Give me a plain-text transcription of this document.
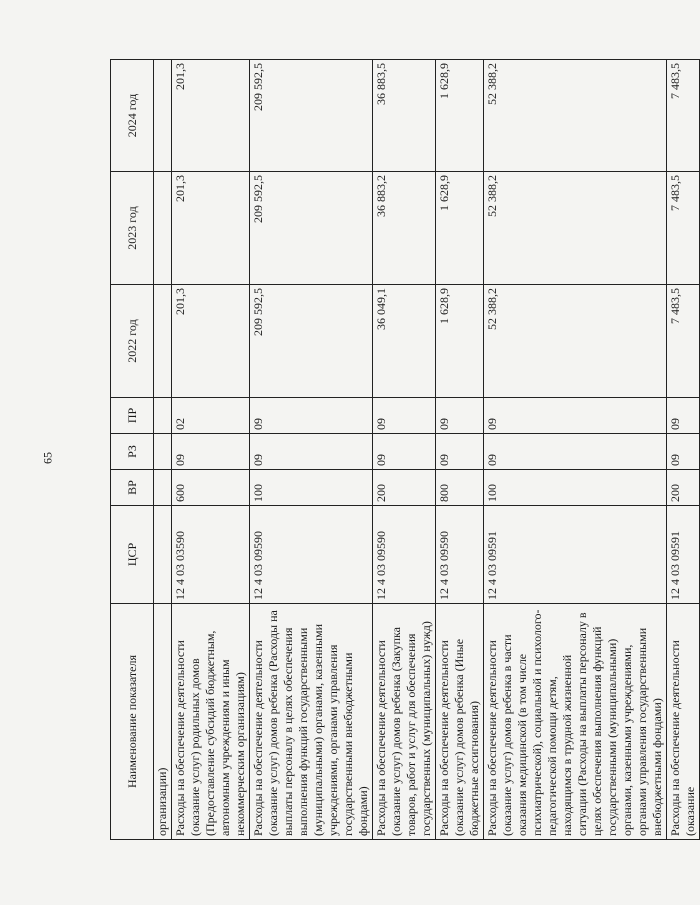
65
Наименование показателя	ЦСР	ВР	РЗ	ПР	2022 год	2023 год	2024 год
организации)							
Расходы на обеспечение деятельности (оказание услуг) родильных домов (Предоставление субсидий бюджетным, автономным учреждениям и иным некоммерческим организациям)	12 4 03 03590	600	09	02	201,3	201,3	201,3
Расходы на обеспечение деятельности (оказание услуг) домов ребенка (Расходы на выплаты персоналу в целях обеспечения выполнения функций государственными (муниципальными) органами, казенными учреждениями, органами управления государственными внебюджетными фондами)	12 4 03 09590	100	09	09	209 592,5	209 592,5	209 592,5
Расходы на обеспечение деятельности (оказание услуг) домов ребенка (Закупка товаров, работ и услуг для обеспечения государственных (муниципальных) нужд)	12 4 03 09590	200	09	09	36 049,1	36 883,2	36 883,5
Расходы на обеспечение деятельности (оказание услуг) домов ребенка (Иные бюджетные ассигнования)	12 4 03 09590	800	09	09	1 628,9	1 628,9	1 628,9
Расходы на обеспечение деятельности (оказание услуг) домов ребенка в части оказания медицинской (в том числе психиатрической), социальной и психолого-педагогической помощи детям, находящимся в трудной жизненной ситуации (Расходы на выплаты персоналу в целях обеспечения выполнения функций государственными (муниципальными) органами, казенными учреждениями, органами управления государственными внебюджетными фондами)	12 4 03 09591	100	09	09	52 388,2	52 388,2	52 388,2
Расходы на обеспечение деятельности (оказание	12 4 03 09591	200	09	09	7 483,5	7 483,5	7 483,5
